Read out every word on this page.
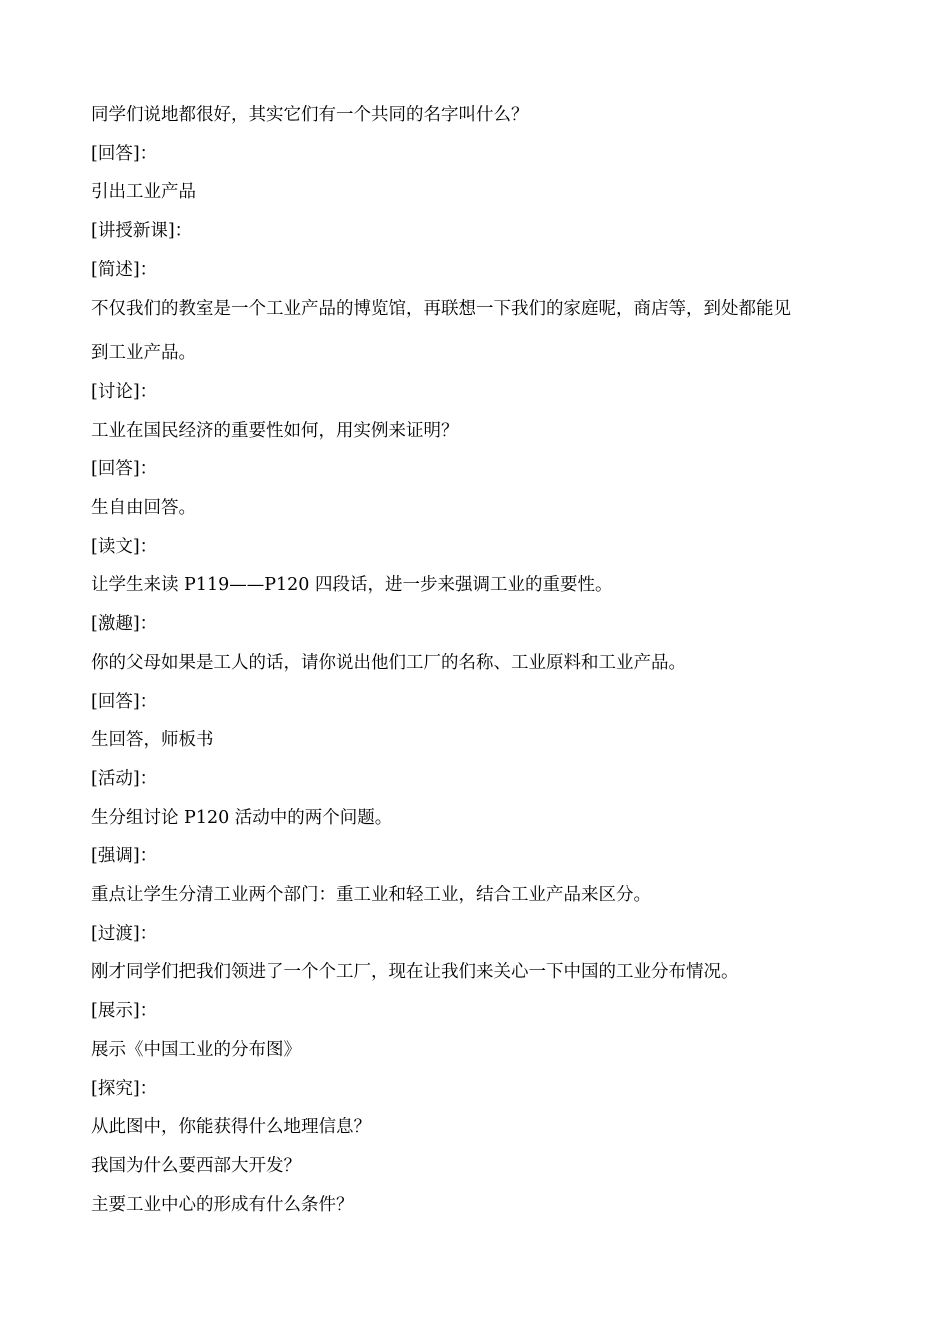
同学们说地都很好，其实它们有一个共同的名字叫什么？

[回答]：

引出工业产品

[讲授新课]：

[简述]：

不仅我们的教室是一个工业产品的博览馆，再联想一下我们的家庭呢，商店等，到处都能见
到工业产品。

[讨论]：

工业在国民经济的重要性如何，用实例来证明？

[回答]：

生自由回答。

[读文]：

让学生来读 P119——P120 四段话，进一步来强调工业的重要性。

[激趣]：

你的父母如果是工人的话，请你说出他们工厂的名称、工业原料和工业产品。

[回答]：

生回答，师板书

[活动]：

生分组讨论 P120 活动中的两个问题。

[强调]：

重点让学生分清工业两个部门：重工业和轻工业，结合工业产品来区分。

[过渡]：

刚才同学们把我们领进了一个个工厂，现在让我们来关心一下中国的工业分布情况。

[展示]：

展示《中国工业的分布图》

[探究]：

从此图中，你能获得什么地理信息？

我国为什么要西部大开发？

主要工业中心的形成有什么条件？
